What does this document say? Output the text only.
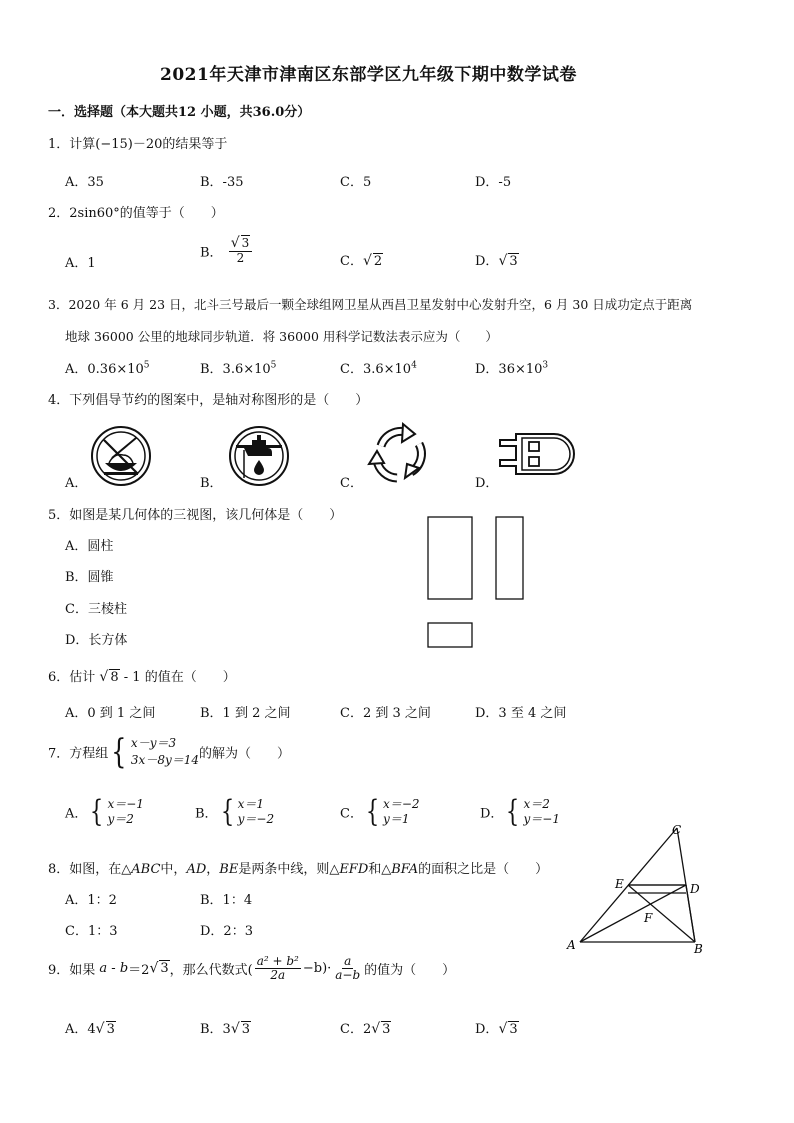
2021年天津市津南区东部学区九年级下期中数学试卷
一．选择题（本大题共12 小题，共36.0分）
1．计算(−15)－20的结果等于
A．35	B．-35	C．5	D．-5
2．2sin60°的值等于（　　）
A．1
B． $\frac{√ 3}{2}$	C．√ 2	D．√ 3
3．2020 年 6 月 23 日，北斗三号最后一颗全球组网卫星从西昌卫星发射中心发射升空，6 月 30 日成功定点于距离
地球 36000 公里的地球同步轨道．将 36000 用科学记数法表示应为（　　）
A．$0.36\times 10^5$	B．$3.6\times 10^5$	C．$3.6\times 10^4$	D．$36\times 10^3$
4．下列倡导节约的图案中，是轴对称图形的是（　　）
A．	B．	C．	D．
5．如图是某几何体的三视图，该几何体是（　　）
A．圆柱
B．圆锥
C．三棱柱
D．长方体
6．估计 √ 8 - 1 的值在（　　）
A．0 到 1 之间	B．1 到 2 之间	C．2 到 3 之间	D．3 至 4 之间
7．方程组 { x－y＝3
3x－8y＝14 的解为（　　）
A． { x＝−1
y＝2	B． { x＝1
y＝−2	C． { x＝−2
y＝1	D． { x＝2
y＝−1
8．如图，在△ABC中，AD，BE是两条中线，则△EFD和△BFA的面积之比是（　　）
A．1：2	B．1：4
C．1：3	D．2：3
A	B
C
D
E
F
9．如果 a - b＝2√ 3，那么代数式( $\frac{\text{a² + b²}}{2a} -b)\cdot \frac{a}{a-b}$ 的值为（　　）
A．4√ 3	B．3√ 3	C．2√ 3	D．√ 3
